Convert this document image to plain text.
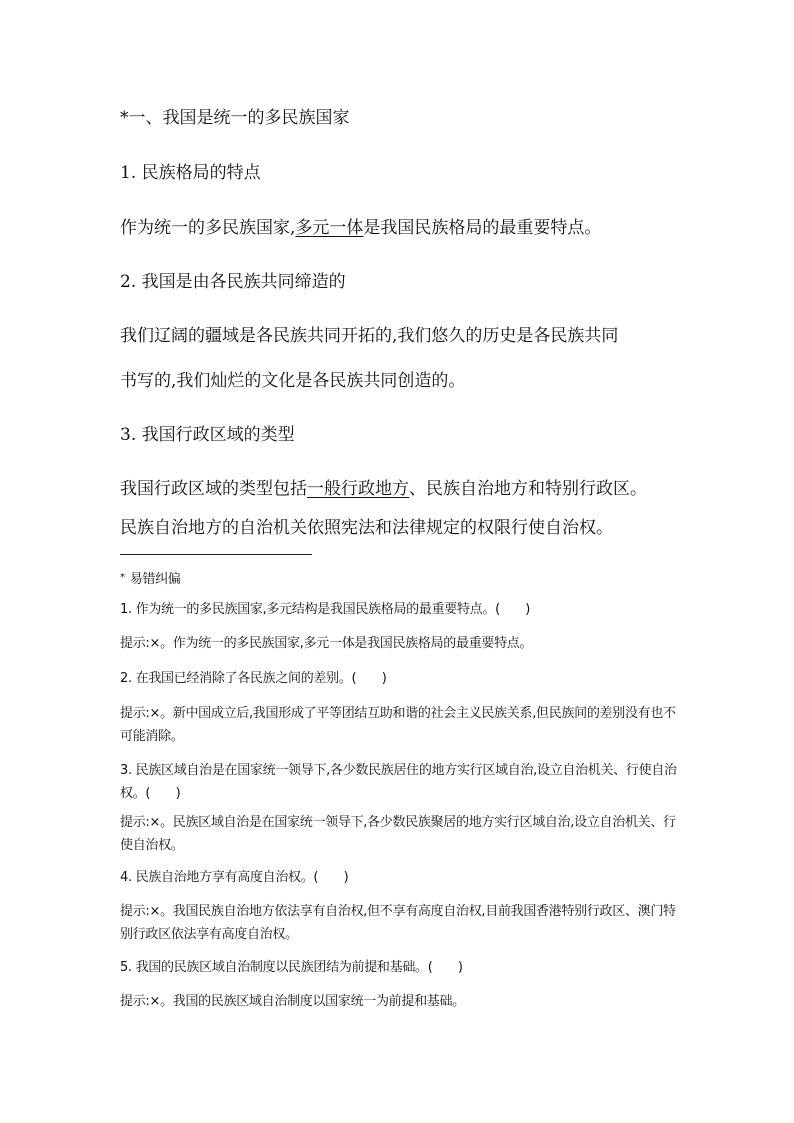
*一、我国是统一的多民族国家

1. 民族格局的特点

作为统一的多民族国家,多元一体是我国民族格局的最重要特点。

2. 我国是由各民族共同缔造的

我们辽阔的疆域是各民族共同开拓的,我们悠久的历史是各民族共同

书写的,我们灿烂的文化是各民族共同创造的。

3. 我国行政区域的类型

我国行政区域的类型包括一般行政地方、民族自治地方和特别行政区。

民族自治地方的自治机关依照宪法和法律规定的权限行使自治权。

* 易错纠偏

1. 作为统一的多民族国家,多元结构是我国民族格局的最重要特点。(　　)

提示:×。作为统一的多民族国家,多元一体是我国民族格局的最重要特点。

2. 在我国已经消除了各民族之间的差别。(　　)

提示:×。新中国成立后,我国形成了平等团结互助和谐的社会主义民族关系,但民族间的差别没有也不可能消除。

3. 民族区域自治是在国家统一领导下,各少数民族居住的地方实行区域自治,设立自治机关、行使自治权。(　　)

提示:×。民族区域自治是在国家统一领导下,各少数民族聚居的地方实行区域自治,设立自治机关、行使自治权。

4. 民族自治地方享有高度自治权。(　　)

提示:×。我国民族自治地方依法享有自治权,但不享有高度自治权,目前我国香港特别行政区、澳门特别行政区依法享有高度自治权。

5. 我国的民族区域自治制度以民族团结为前提和基础。(　　)

提示:×。我国的民族区域自治制度以国家统一为前提和基础。
